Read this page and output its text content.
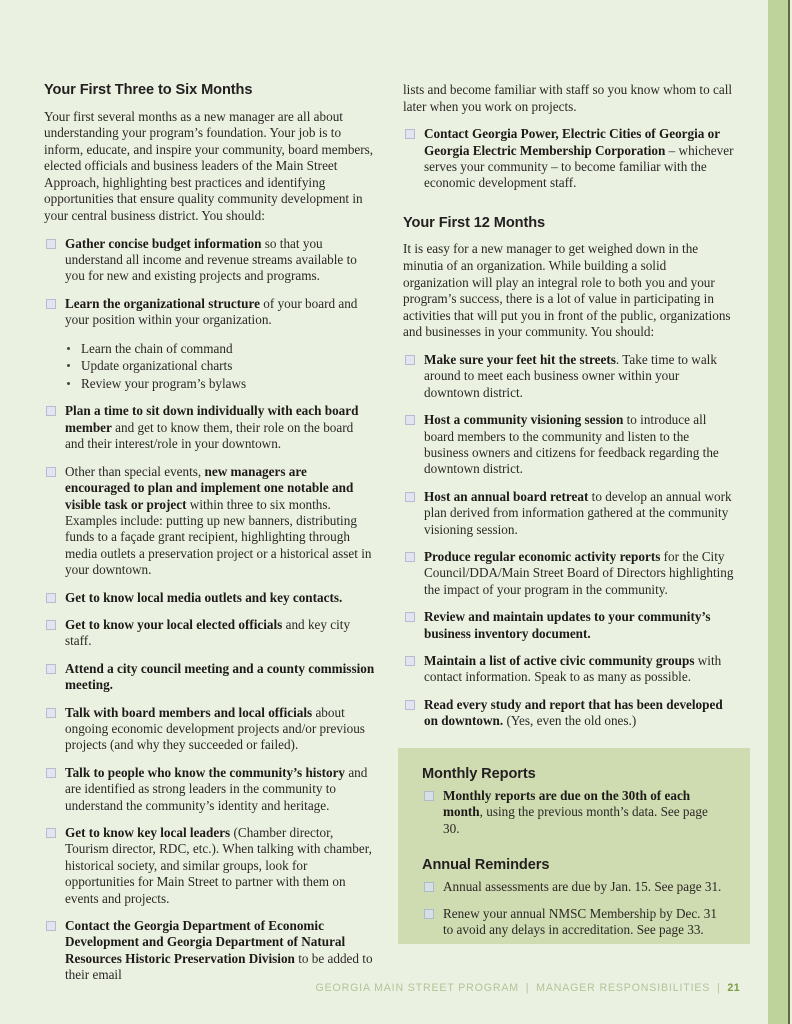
Your First Three to Six Months

Your first several months as a new manager are all about understanding your program’s foundation. Your job is to inform, educate, and inspire your community, board members, elected officials and business leaders of the Main Street Approach, highlighting best practices and identifying opportunities that ensure quality community development in your central business district. You should:

Gather concise budget information so that you understand all income and revenue streams available to you for new and existing projects and programs.
Learn the organizational structure of your board and your position within your organization.
Learn the chain of command
Update organizational charts
Review your program’s bylaws
Plan a time to sit down individually with each board member and get to know them, their role on the board and their interest/role in your downtown.
Other than special events, new managers are encouraged to plan and implement one notable and visible task or project within three to six months. Examples include: putting up new banners, distributing funds to a façade grant recipient, highlighting through media outlets a preservation project or a historical asset in your downtown.
Get to know local media outlets and key contacts.
Get to know your local elected officials and key city staff.
Attend a city council meeting and a county commission meeting.
Talk with board members and local officials about ongoing economic development projects and/or previous projects (and why they succeeded or failed).
Talk to people who know the community’s history and are identified as strong leaders in the community to understand the community’s identity and heritage.
Get to know key local leaders (Chamber director, Tourism director, RDC, etc.). When talking with chamber, historical society, and similar groups, look for opportunities for Main Street to partner with them on events and projects.
Contact the Georgia Department of Economic Development and Georgia Department of Natural Resources Historic Preservation Division to be added to their email

lists and become familiar with staff so you know whom to call later when you work on projects.

Contact Georgia Power, Electric Cities of Georgia or Georgia Electric Membership Corporation – whichever serves your community – to become familiar with the economic development staff.
Your First 12 Months

It is easy for a new manager to get weighed down in the minutia of an organization. While building a solid organization will play an integral role to both you and your program’s success, there is a lot of value in participating in activities that will put you in front of the public, organizations and businesses in your community. You should:

Make sure your feet hit the streets. Take time to walk around to meet each business owner within your downtown district.
Host a community visioning session to introduce all board members to the community and listen to the business owners and citizens for feedback regarding the downtown district.
Host an annual board retreat to develop an annual work plan derived from information gathered at the community visioning session.
Produce regular economic activity reports for the City Council/DDA/Main Street Board of Directors highlighting the impact of your program in the community.
Review and maintain updates to your community’s business inventory document.
Maintain a list of active civic community groups with contact information. Speak to as many as possible.
Read every study and report that has been developed on downtown. (Yes, even the old ones.)
Monthly Reports
Monthly reports are due on the 30th of each month, using the previous month’s data. See page 30.
Annual Reminders
Annual assessments are due by Jan. 15. See page 31.
Renew your annual NMSC Membership by Dec. 31 to avoid any delays in accreditation. See page 33.
GEORGIA MAIN STREET PROGRAM | MANAGER RESPONSIBILITIES | 21
